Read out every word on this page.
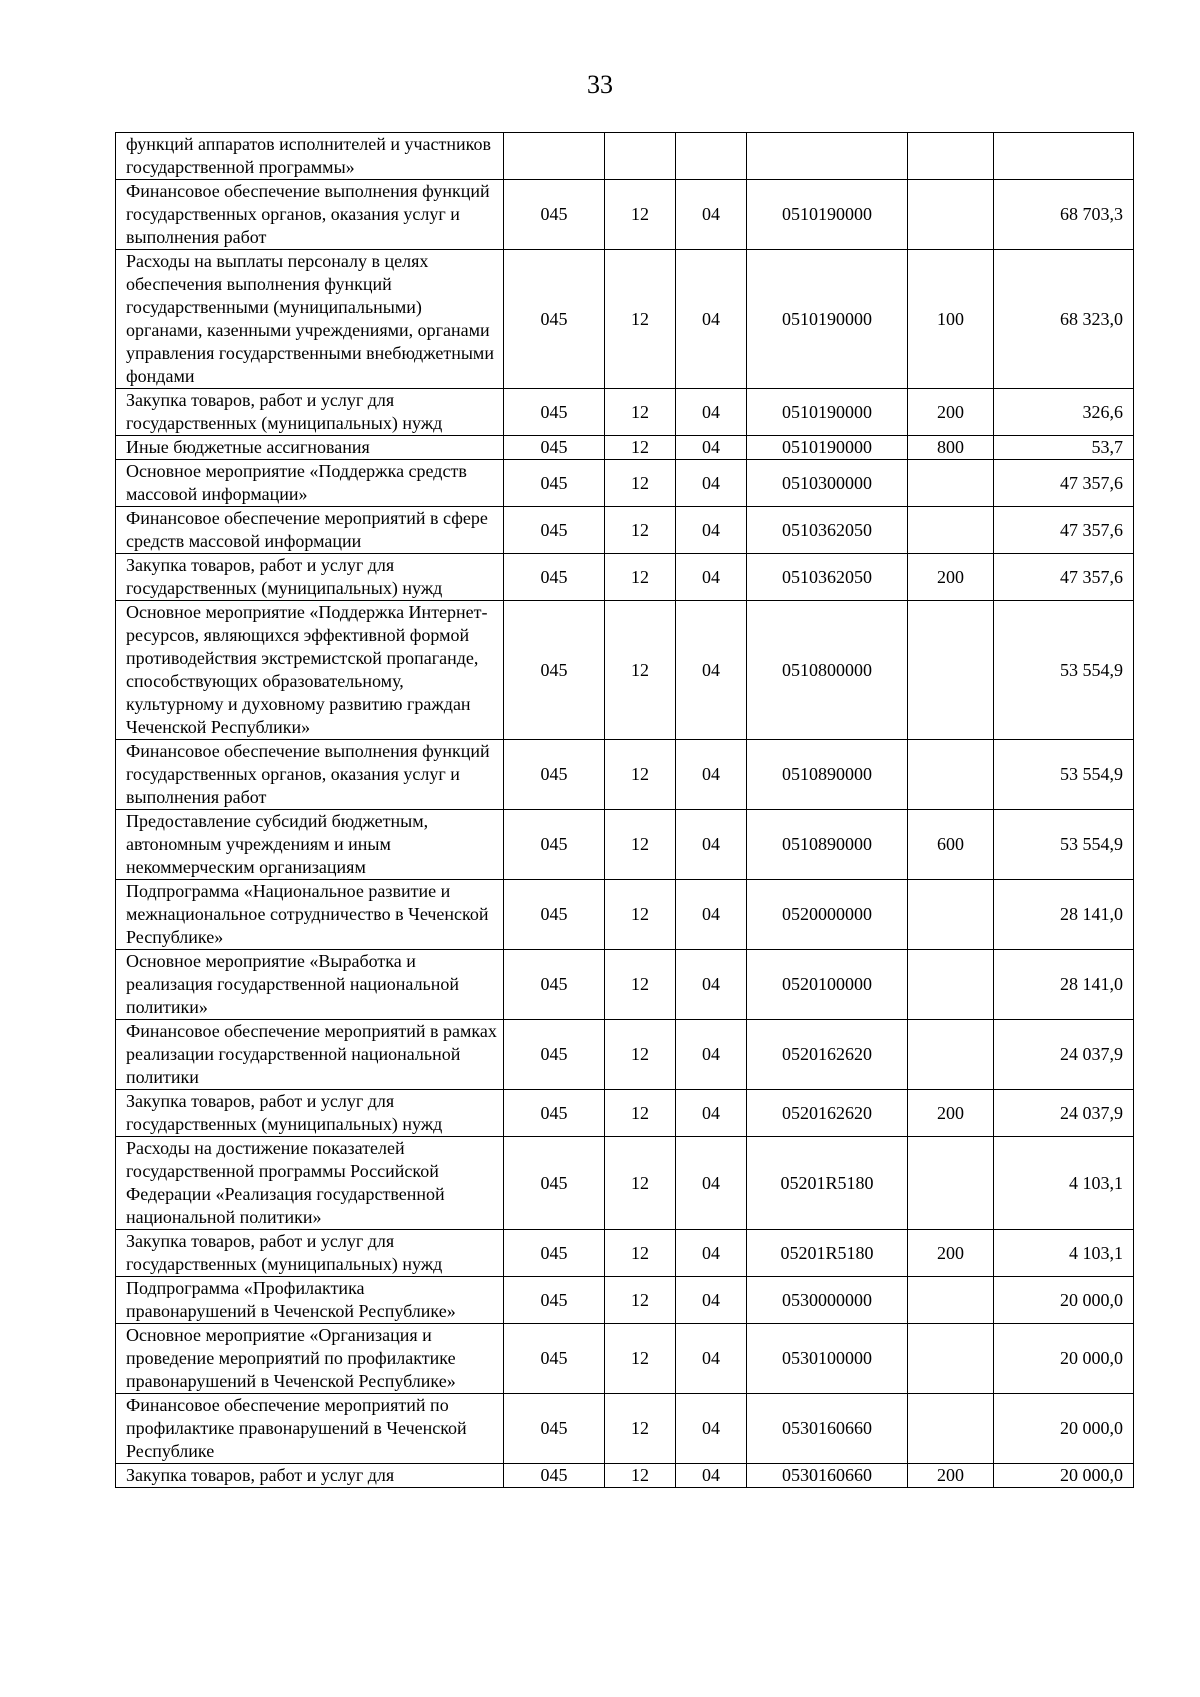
33
функций аппаратов исполнителей и участников государственной программы»						
Финансовое обеспечение выполнения функций государственных органов, оказания услуг и выполнения работ	045	12	04	0510190000		68 703,3
Расходы на выплаты персоналу в целях обеспечения выполнения функций государственными (муниципальными) органами, казенными учреждениями, органами управления государственными внебюджетными фондами	045	12	04	0510190000	100	68 323,0
Закупка товаров, работ и услуг для государственных (муниципальных) нужд	045	12	04	0510190000	200	326,6
Иные бюджетные ассигнования	045	12	04	0510190000	800	53,7
Основное мероприятие «Поддержка средств массовой информации»	045	12	04	0510300000		47 357,6
Финансовое обеспечение мероприятий в сфере средств массовой информации	045	12	04	0510362050		47 357,6
Закупка товаров, работ и услуг для государственных (муниципальных) нужд	045	12	04	0510362050	200	47 357,6
Основное мероприятие «Поддержка Интернет-ресурсов, являющихся эффективной формой противодействия экстремистской пропаганде, способствующих образовательному, культурному и духовному развитию граждан Чеченской Республики»	045	12	04	0510800000		53 554,9
Финансовое обеспечение выполнения функций государственных органов, оказания услуг и выполнения работ	045	12	04	0510890000		53 554,9
Предоставление субсидий бюджетным, автономным учреждениям и иным некоммерческим организациям	045	12	04	0510890000	600	53 554,9
Подпрограмма «Национальное развитие и межнациональное сотрудничество в Чеченской Республике»	045	12	04	0520000000		28 141,0
Основное мероприятие «Выработка и реализация государственной национальной политики»	045	12	04	0520100000		28 141,0
Финансовое обеспечение мероприятий в рамках реализации государственной национальной политики	045	12	04	0520162620		24 037,9
Закупка товаров, работ и услуг для государственных (муниципальных) нужд	045	12	04	0520162620	200	24 037,9
Расходы на достижение показателей государственной программы Российской Федерации «Реализация государственной национальной политики»	045	12	04	05201R5180		4 103,1
Закупка товаров, работ и услуг для государственных (муниципальных) нужд	045	12	04	05201R5180	200	4 103,1
Подпрограмма «Профилактика правонарушений в Чеченской Республике»	045	12	04	0530000000		20 000,0
Основное мероприятие «Организация и проведение мероприятий по профилактике правонарушений в Чеченской Республике»	045	12	04	0530100000		20 000,0
Финансовое обеспечение мероприятий по профилактике правонарушений в Чеченской Республике	045	12	04	0530160660		20 000,0
Закупка товаров, работ и услуг для	045	12	04	0530160660	200	20 000,0
